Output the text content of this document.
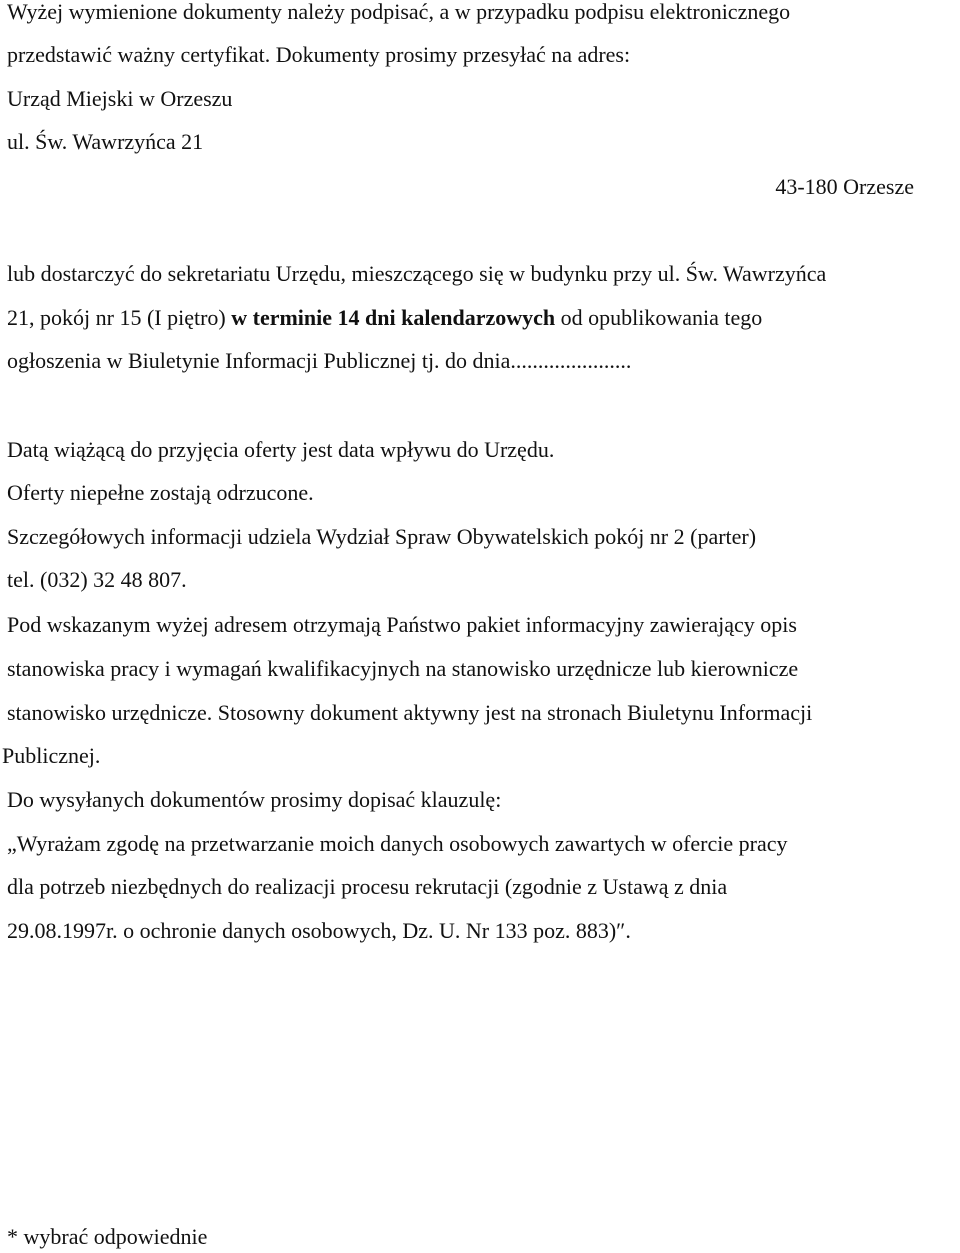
Wyżej wymienione dokumenty należy podpisać, a w przypadku podpisu elektronicznego

przedstawić ważny certyfikat. Dokumenty prosimy przesyłać na adres:

Urząd Miejski w Orzeszu

ul. Św. Wawrzyńca 21

43-180 Orzesze

lub dostarczyć do sekretariatu Urzędu, mieszczącego się w budynku przy ul. Św. Wawrzyńca

21, pokój nr 15 (I piętro) w terminie 14 dni kalendarzowych od opublikowania tego

ogłoszenia w Biuletynie Informacji Publicznej tj. do dnia......................

Datą wiążącą do przyjęcia oferty jest data wpływu do Urzędu.

Oferty niepełne zostają odrzucone.

Szczegółowych informacji udziela Wydział Spraw Obywatelskich pokój nr 2 (parter)

tel. (032) 32 48 807.

Pod wskazanym wyżej adresem otrzymają Państwo pakiet informacyjny zawierający opis

stanowiska pracy i wymagań kwalifikacyjnych na stanowisko urzędnicze lub kierownicze

stanowisko urzędnicze. Stosowny dokument aktywny jest na stronach Biuletynu Informacji

Publicznej.

Do wysyłanych dokumentów prosimy dopisać klauzulę:

„Wyrażam zgodę na przetwarzanie moich danych osobowych zawartych w ofercie pracy

dla potrzeb niezbędnych do realizacji procesu rekrutacji (zgodnie z Ustawą z dnia

29.08.1997r. o ochronie danych osobowych, Dz. U. Nr 133 poz. 883)″.

* wybrać odpowiednie
